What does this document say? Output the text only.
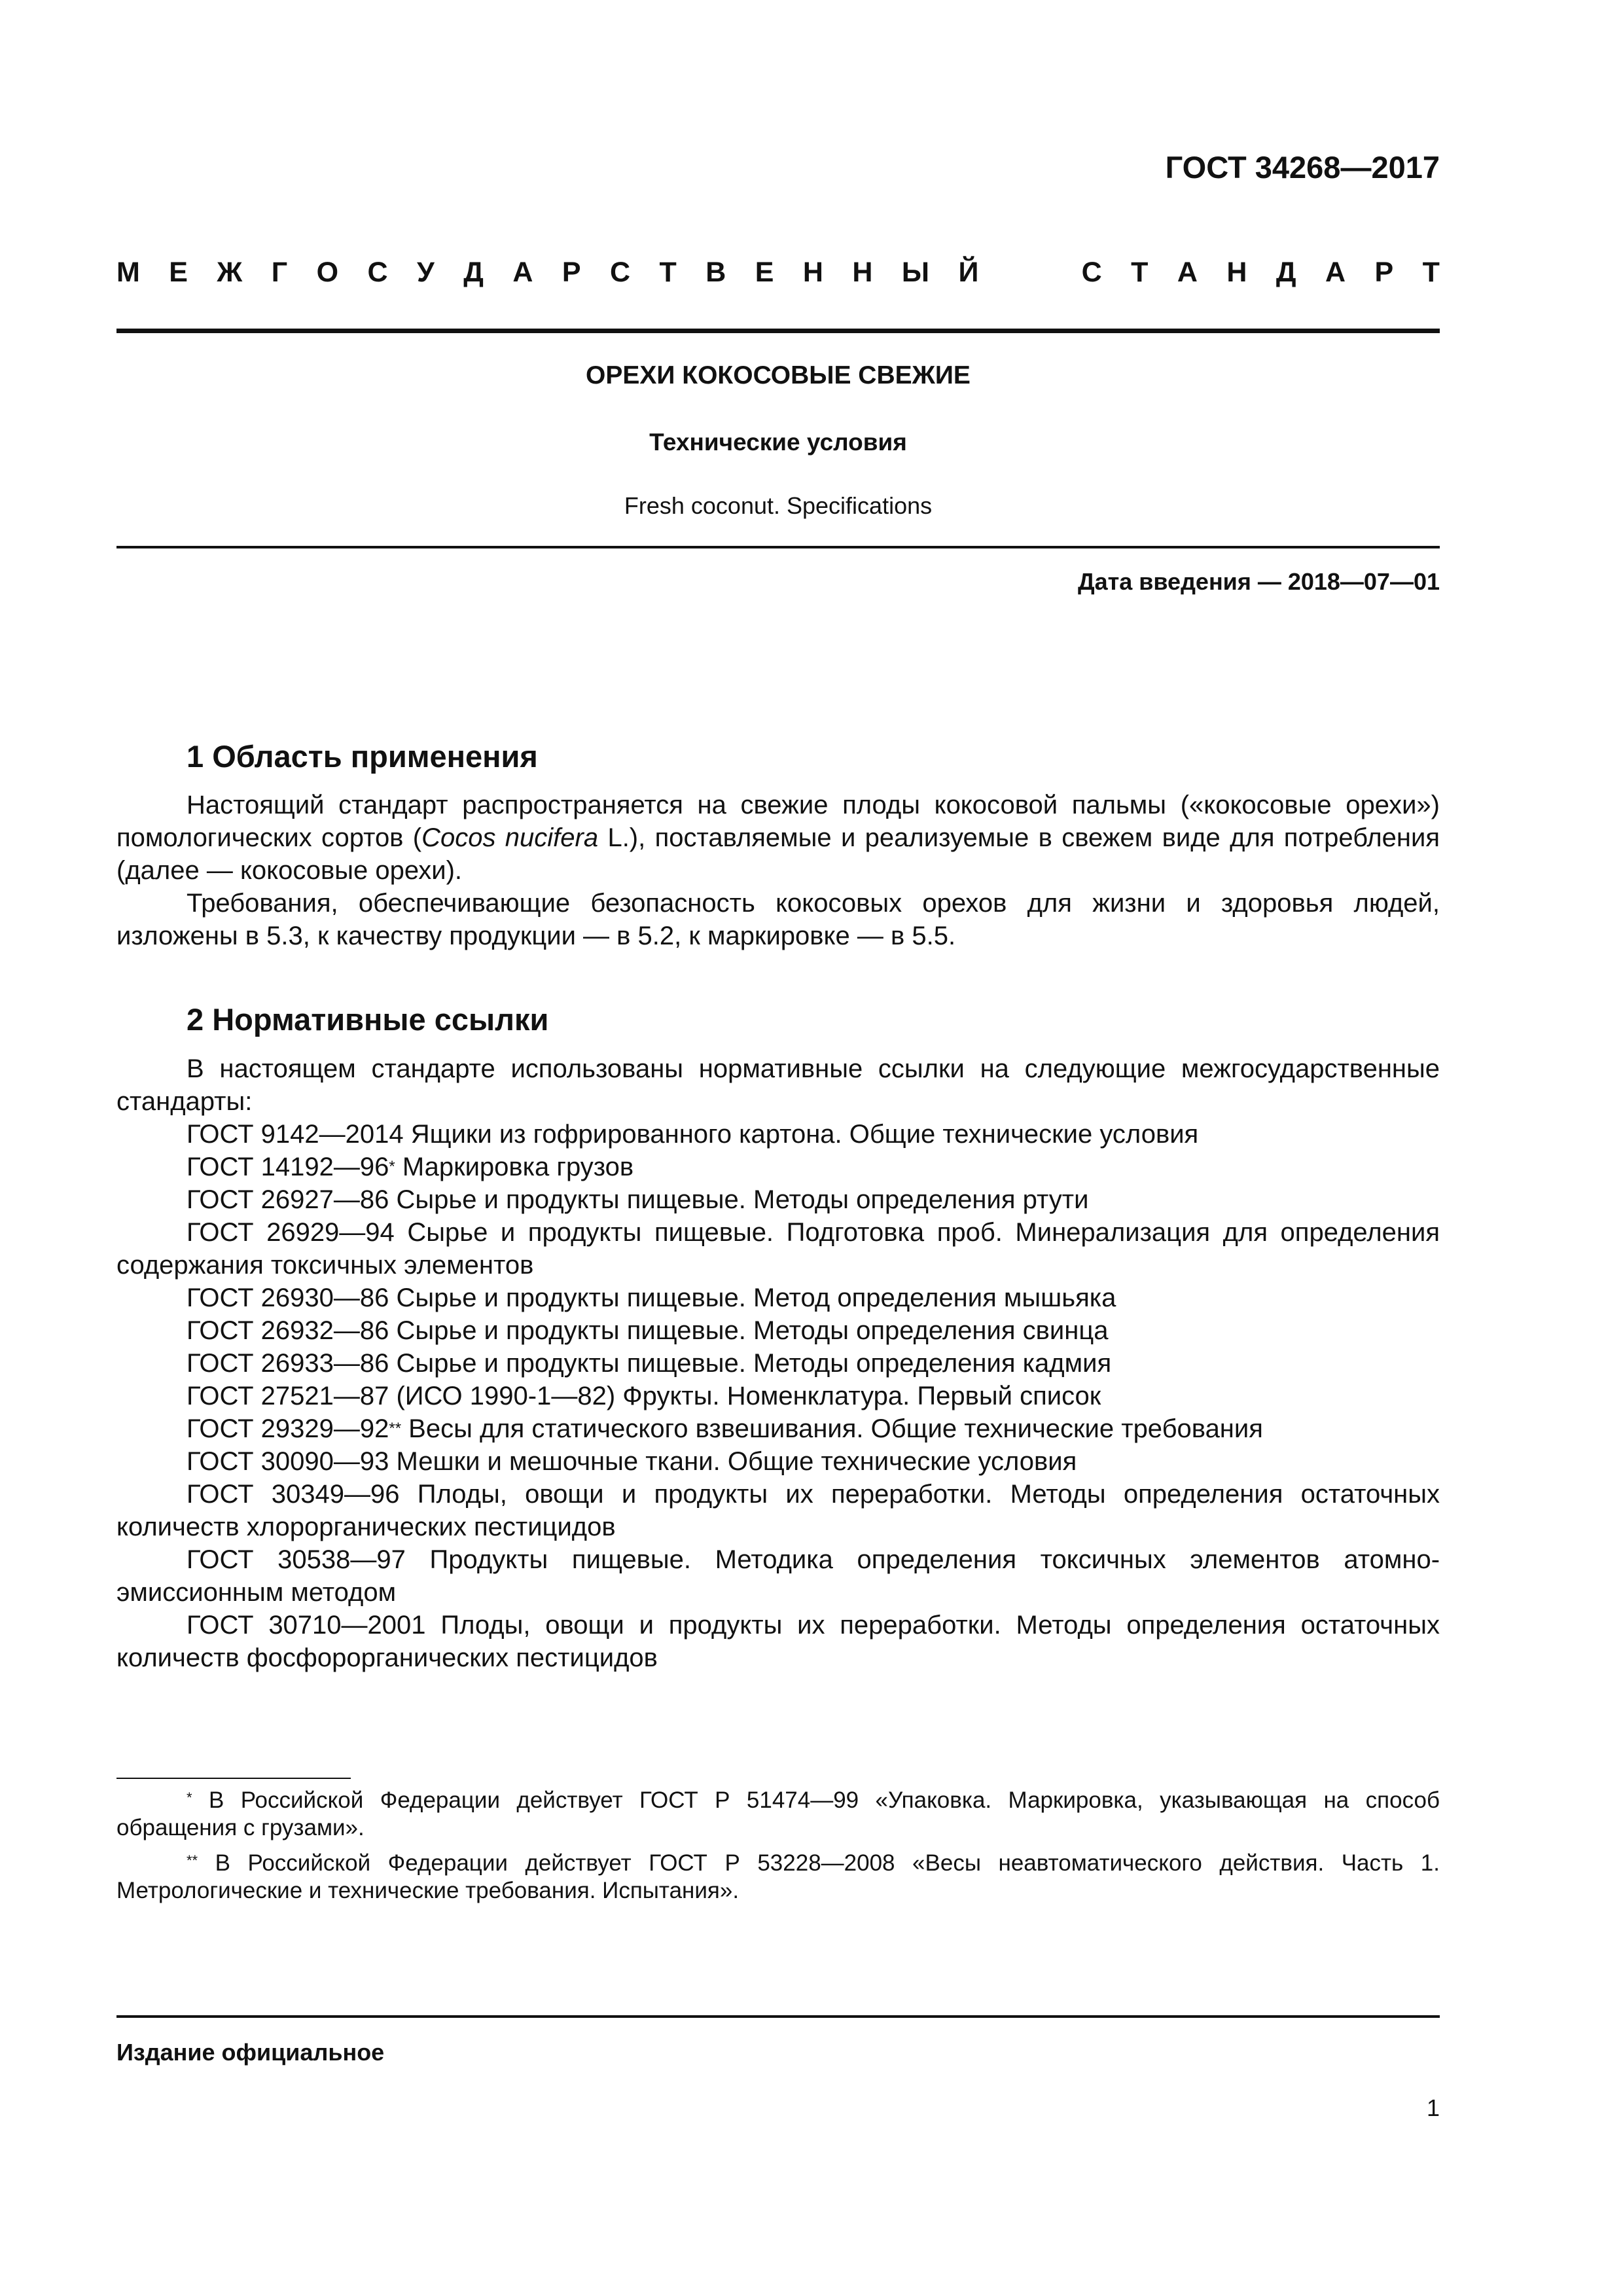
ГОСТ 34268—2017
М Е Ж Г О С У Д А Р С Т В Е Н Н Ы Й

	С Т А Н Д А Р Т
ОРЕХИ КОКОСОВЫЕ СВЕЖИЕ
Технические условия
Fresh coconut. Specifications
Дата введения — 2018—07—01
1 Область применения

Настоящий стандарт распространяется на свежие плоды кокосовой пальмы («кокосовые орехи») помологических сортов (Cocos nucifera L.), поставляемые и реализуемые в свежем виде для потребления (далее — кокосовые орехи).

Требования, обеспечивающие безопасность кокосовых орехов для жизни и здоровья людей, изложены в 5.3, к качеству продукции — в 5.2, к маркировке — в 5.5.

2 Нормативные ссылки

В настоящем стандарте использованы нормативные ссылки на следующие межгосударственные стандарты:

ГОСТ 9142—2014 Ящики из гофрированного картона. Общие технические условия

ГОСТ 14192—96* Маркировка грузов

ГОСТ 26927—86 Сырье и продукты пищевые. Методы определения ртути

ГОСТ 26929—94 Сырье и продукты пищевые. Подготовка проб. Минерализация для определения содержания токсичных элементов

ГОСТ 26930—86 Сырье и продукты пищевые. Метод определения мышьяка

ГОСТ 26932—86 Сырье и продукты пищевые. Методы определения свинца

ГОСТ 26933—86 Сырье и продукты пищевые. Методы определения кадмия

ГОСТ 27521—87 (ИСО 1990-1—82) Фрукты. Номенклатура. Первый список

ГОСТ 29329—92** Весы для статического взвешивания. Общие технические требования

ГОСТ 30090—93 Мешки и мешочные ткани. Общие технические условия

ГОСТ 30349—96 Плоды, овощи и продукты их переработки. Методы определения остаточных количеств хлорорганических пестицидов

ГОСТ 30538—97 Продукты пищевые. Методика определения токсичных элементов атомно-эмиссионным методом

ГОСТ 30710—2001 Плоды, овощи и продукты их переработки. Методы определения остаточных количеств фосфорорганических пестицидов

* В Российской Федерации действует ГОСТ Р 51474—99 «Упаковка. Маркировка, указывающая на способ обращения с грузами».

** В Российской Федерации действует ГОСТ Р 53228—2008 «Весы неавтоматического действия. Часть 1. Метрологические и технические требования. Испытания».

Издание официальное
1
